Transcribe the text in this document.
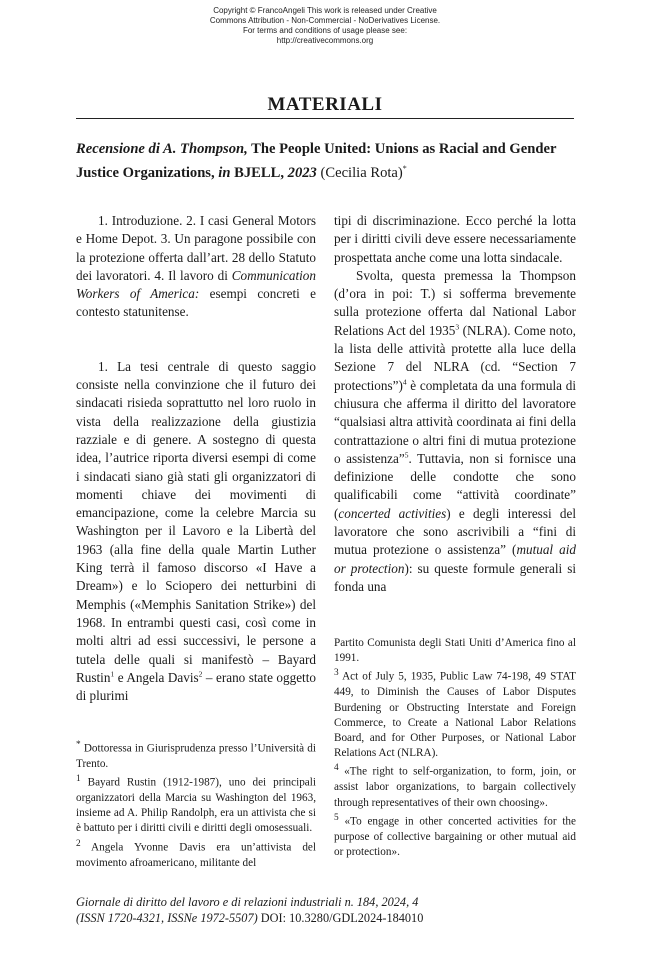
Copyright © FrancoAngeli This work is released under Creative
Commons Attribution - Non-Commercial - NoDerivatives License.
For terms and conditions of usage please see:
http://creativecommons.org
MATERIALI
Recensione di A. Thompson, The People United: Unions as Racial and Gender Justice Organizations, in BJELL, 2023 (Cecilia Rota)*

1. Introduzione. 2. I casi General Motors e Home Depot. 3. Un paragone possibile con la protezione offerta dall’art. 28 dello Statuto dei lavoratori. 4. Il lavoro di Communication Workers of America: esempi concreti e contesto statunitense.

1. La tesi centrale di questo saggio consiste nella convinzione che il futuro dei sindacati risieda soprattutto nel loro ruolo in vista della realizzazione della giustizia razziale e di genere. A sostegno di questa idea, l’autrice riporta diversi esempi di come i sindacati siano già stati gli organizzatori di momenti chiave dei movimenti di emancipazione, come la celebre Marcia su Washington per il Lavoro e la Libertà del 1963 (alla fine della quale Martin Luther King terrà il famoso discorso «I Have a Dream») e lo Sciopero dei netturbini di Memphis («Memphis Sanitation Strike») del 1968. In entrambi questi casi, così come in molti altri ad essi successivi, le persone a tutela delle quali si manifestò – Bayard Rustin$^1$ e Angela Davis$^2$ – erano state oggetto di plurimi

tipi di discriminazione. Ecco perché la lotta per i diritti civili deve essere necessariamente prospettata anche come una lotta sindacale.

Svolta, questa premessa la Thompson (d’ora in poi: T.) si sofferma brevemente sulla protezione offerta dal National Labor Relations Act del 1935$^3$ (NLRA). Come noto, la lista delle attività protette alla luce della Sezione 7 del NLRA (cd. “Section 7 protections”)$^4$ è completata da una formula di chiusura che afferma il diritto del lavoratore “qualsiasi altra attività coordinata ai fini della contrattazione o altri fini di mutua protezione o assistenza”$^5$. Tuttavia, non si fornisce una definizione delle condotte che sono qualificabili come “attività coordinate” (concerted activities) e degli interessi del lavoratore che sono ascrivibili a “fini di mutua protezione o assistenza” (mutual aid or protection): su queste formule generali si fonda una

* Dottoressa in Giurisprudenza presso l’Università di Trento.

$^1$ Bayard Rustin (1912-1987), uno dei principali organizzatori della Marcia su Washington del 1963, insieme ad A. Philip Randolph, era un attivista che si è battuto per i diritti civili e diritti degli omosessuali.

$^2$ Angela Yvonne Davis era un’attivista del movimento afroamericano, militante del

Partito Comunista degli Stati Uniti d’America fino al 1991.

$^3$ Act of July 5, 1935, Public Law 74-198, 49 STAT 449, to Diminish the Causes of Labor Disputes Burdening or Obstructing Interstate and Foreign Commerce, to Create a National Labor Relations Board, and for Other Purposes, or National Labor Relations Act (NLRA).

$^4$ «The right to self-organization, to form, join, or assist labor organizations, to bargain collectively through representatives of their own choosing».

$^5$ «To engage in other concerted activities for the purpose of collective bargaining or other mutual aid or protection».

Giornale di diritto del lavoro e di relazioni industriali n. 184, 2024, 4
(ISSN 1720-4321, ISSNe 1972-5507) DOI: 10.3280/GDL2024-184010
